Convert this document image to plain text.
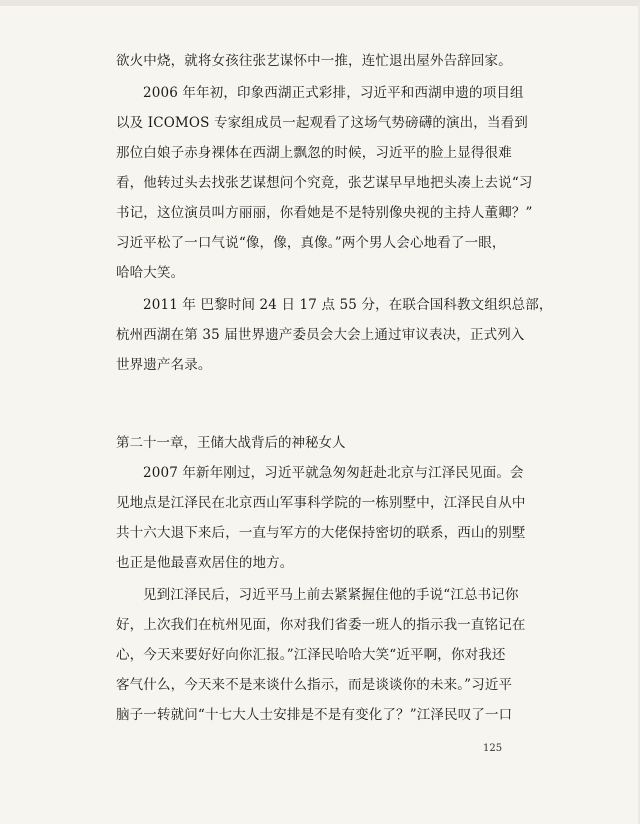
欲火中烧，就将女孩往张艺谋怀中一推，连忙退出屋外告辞回家。

2006 年年初，印象西湖正式彩排，习近平和西湖申遗的项目组

以及 ICOMOS 专家组成员一起观看了这场气势磅礴的演出，当看到

那位白娘子赤身裸体在西湖上飘忽的时候，习近平的脸上显得很难

看，他转过头去找张艺谋想问个究竟，张艺谋早早地把头凑上去说“习

书记，这位演员叫方丽丽，你看她是不是特别像央视的主持人董卿？”

习近平松了一口气说“像，像，真像。”两个男人会心地看了一眼，

哈哈大笑。

2011 年 巴黎时间 24 日 17 点 55 分，在联合国科教文组织总部，

杭州西湖在第 35 届世界遗产委员会大会上通过审议表决，正式列入

世界遗产名录。

第二十一章，王储大战背后的神秘女人

2007 年新年刚过，习近平就急匆匆赶赴北京与江泽民见面。会

见地点是江泽民在北京西山军事科学院的一栋别墅中，江泽民自从中

共十六大退下来后，一直与军方的大佬保持密切的联系，西山的别墅

也正是他最喜欢居住的地方。

见到江泽民后，习近平马上前去紧紧握住他的手说“江总书记你

好，上次我们在杭州见面，你对我们省委一班人的指示我一直铭记在

心，今天来要好好向你汇报。”江泽民哈哈大笑“近平啊，你对我还

客气什么，今天来不是来谈什么指示，而是谈谈你的未来。”习近平

脑子一转就问“十七大人士安排是不是有变化了？”江泽民叹了一口

125
